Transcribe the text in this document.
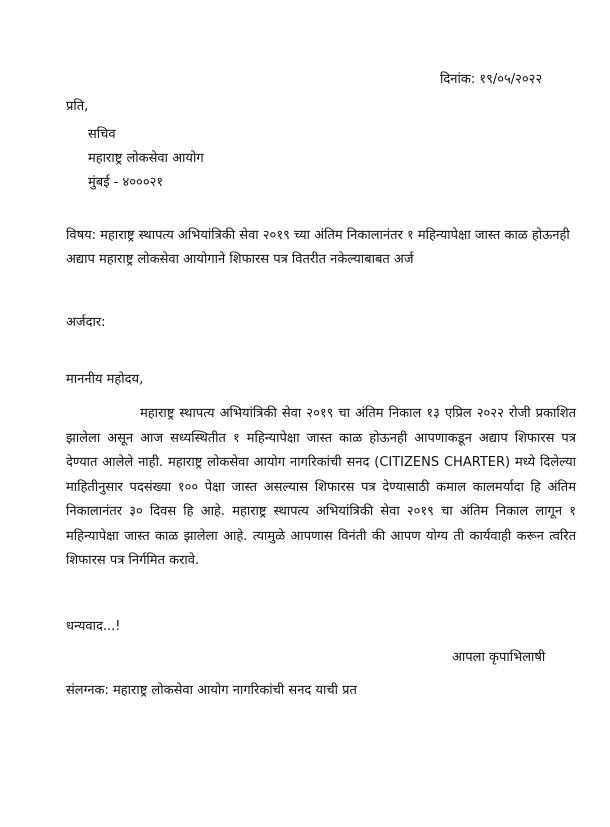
दिनांक: १९/०५/२०२२
प्रति,
सचिव
महाराष्ट्र लोकसेवा आयोग
मुंबई - ४०००२१
विषय: महाराष्ट्र स्थापत्य अभियांत्रिकी सेवा २०१९ च्या अंतिम निकालानंतर १ महिन्यापेक्षा जास्त काळ होऊनही अद्याप महाराष्ट्र लोकसेवा आयोगाने शिफारस पत्र वितरीत नकेल्याबाबत अर्ज
अर्जदार:
माननीय महोदय,
महाराष्ट्र स्थापत्य अभियांत्रिकी सेवा २०१९ चा अंतिम निकाल १३ एप्रिल २०२२ रोजी प्रकाशित झालेला असून आज सध्यस्थितीत १ महिन्यापेक्षा जास्त काळ होऊनही आपणाकडून अद्याप शिफारस पत्र देण्यात आलेले नाही. महाराष्ट्र लोकसेवा आयोग नागरिकांची सनद (CITIZENS CHARTER) मध्ये दिलेल्या माहितीनुसार पदसंख्या १०० पेक्षा जास्त असल्यास शिफारस पत्र देण्यासाठी कमाल कालमर्यादा हि अंतिम निकालानंतर ३० दिवस हि आहे. महाराष्ट्र स्थापत्य अभियांत्रिकी सेवा २०१९ चा अंतिम निकाल लागून १ महिन्यापेक्षा जास्त काळ झालेला आहे. त्यामुळे आपणास विनंती की आपण योग्य ती कार्यवाही करून त्वरित शिफारस पत्र निर्गमित करावे.
धन्यवाद...!
आपला कृपाभिलाषी
संलग्नक: महाराष्ट्र लोकसेवा आयोग नागरिकांची सनद याची प्रत
